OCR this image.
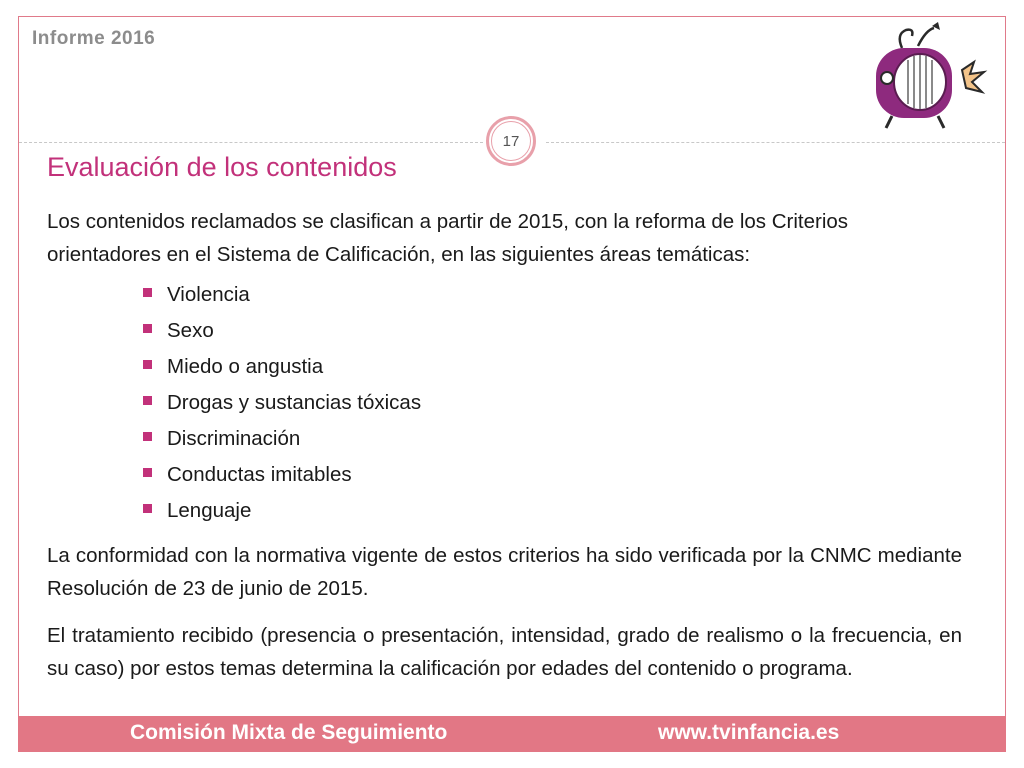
Informe 2016
17
Evaluación de los contenidos

Los contenidos reclamados se clasifican a partir de 2015, con la reforma de los Criterios orientadores en el Sistema de Calificación, en las siguientes áreas temáticas:

Violencia
Sexo
Miedo o angustia
Drogas y sustancias tóxicas
Discriminación
Conductas imitables
Lenguaje

La conformidad con la normativa vigente de estos criterios ha sido verificada por la CNMC mediante Resolución de 23 de junio de 2015.

El tratamiento recibido (presencia o presentación, intensidad, grado de realismo o la frecuencia, en su caso) por estos temas determina la calificación por edades del contenido o programa.

Comisión Mixta de Seguimiento	www.tvinfancia.es
